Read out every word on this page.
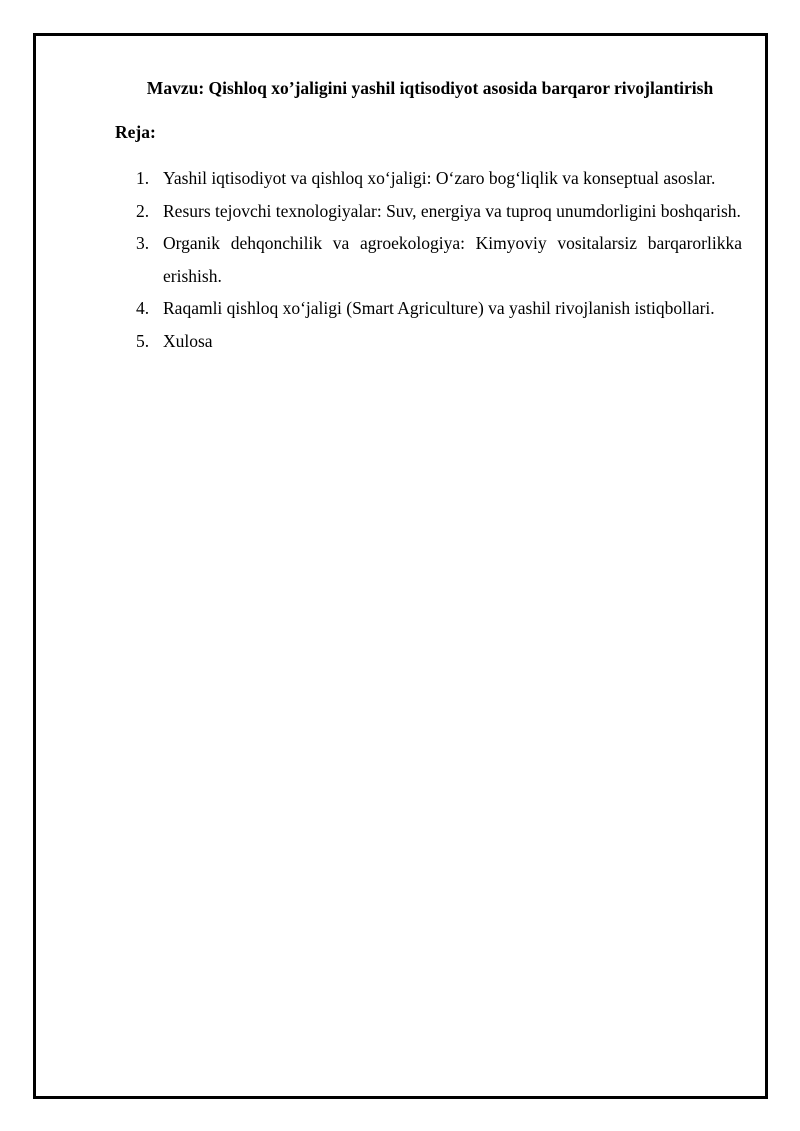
Mavzu: Qishloq xo’jaligini yashil iqtisodiyot asosida barqaror rivojlantirish
Reja:
1. Yashil iqtisodiyot va qishloq xo‘jaligi: O‘zaro bog‘liqlik va konseptual asoslar.
2. Resurs tejovchi texnologiyalar: Suv, energiya va tuproq unumdorligini boshqarish.
3. Organik dehqonchilik va agroekologiya: Kimyoviy vositalarsiz barqarorlikka erishish.
4. Raqamli qishloq xo‘jaligi (Smart Agriculture) va yashil rivojlanish istiqbollari.
5. Xulosa
